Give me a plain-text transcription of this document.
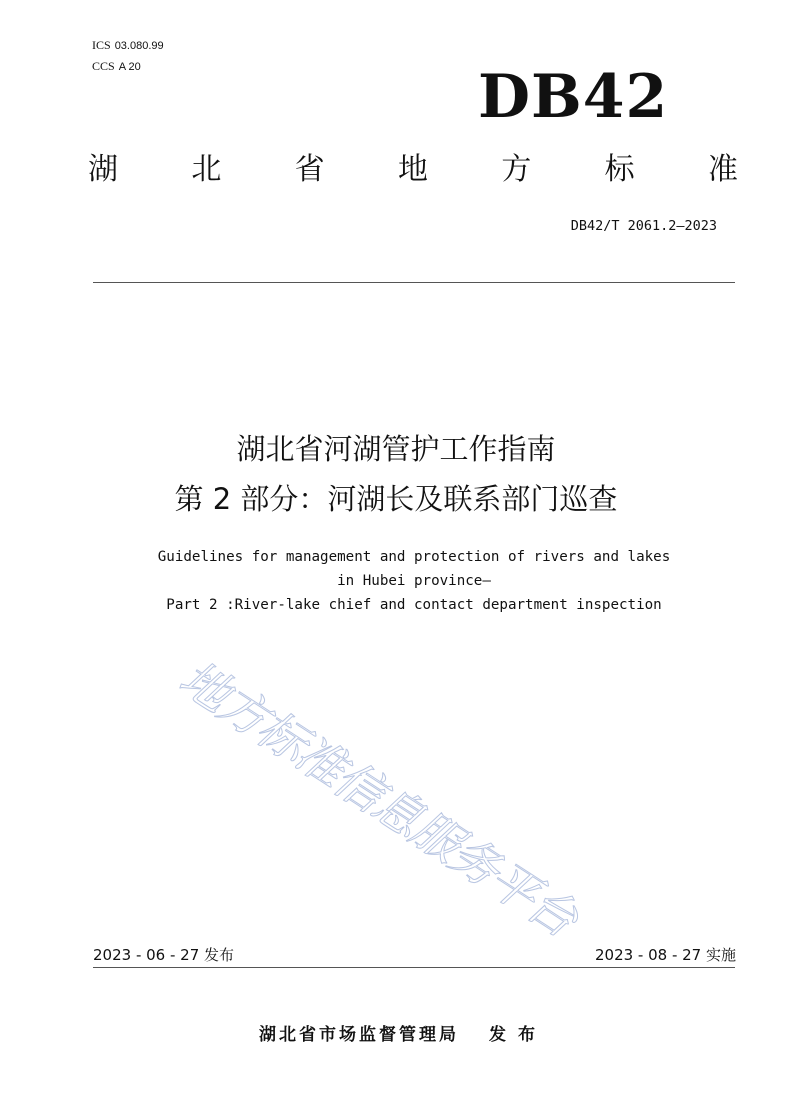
ICS 03.080.99
CCS A 20	DB42
湖 北 省 地 方 标 准
DB42/T 2061.2—2023
湖北省河湖管护工作指南
第 2 部分：河湖长及联系部门巡查
Guidelines for management and protection of rivers and lakes
in Hubei province—
Part 2 :River-lake chief and contact department inspection
地方标准信息服务平台
2023 - 06 - 27 发布	2023 - 08 - 27 实施
湖北省市场监督管理局 发布
